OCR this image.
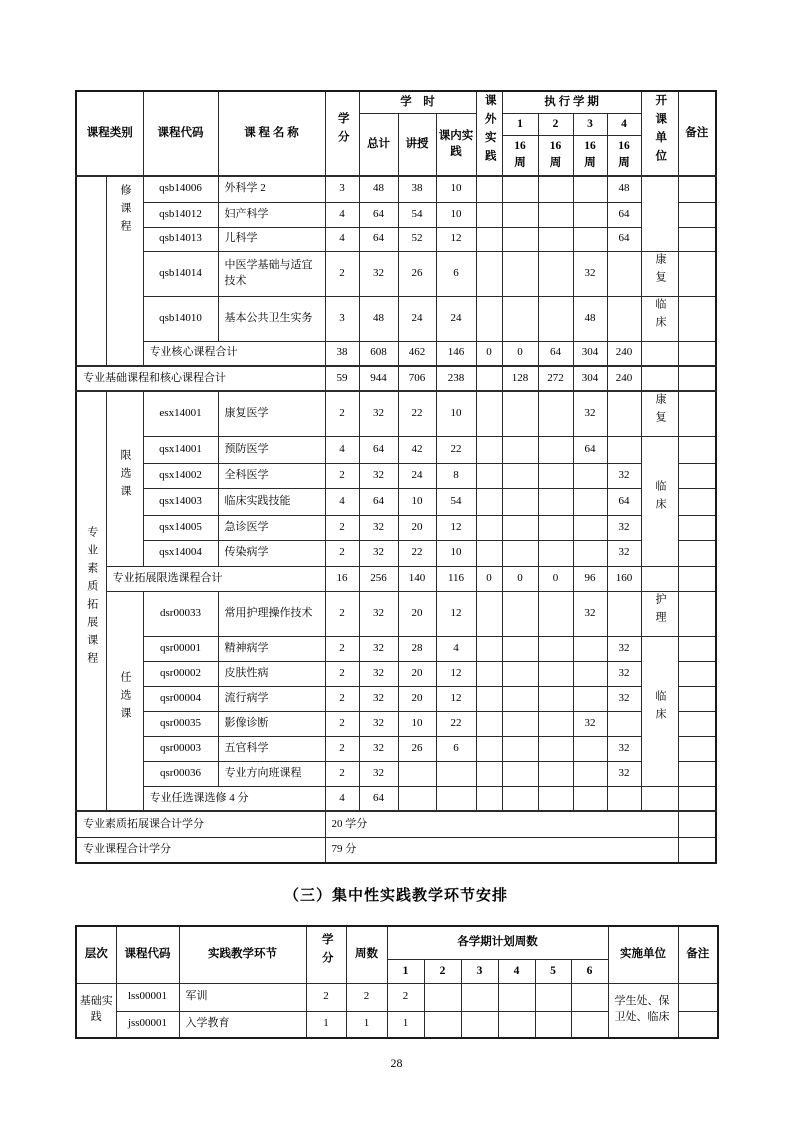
课程类别		课程代码	课 程 名 称	学分	学　时			课外实践	执 行 学 期				开课单位	备注
					总计	讲授	课内实践		1	2	3	4		
									16周	16周	16周	16周		
	修课程	qsb14006	外科学 2	3	48	38	10					48		
		qsb14012	妇产科学	4	64	54	10					64		
		qsb14013	儿科学	4	64	52	12					64		
		qsb14014	中医学基础与适宜技术	2	32	26	6				32		康复	
		qsb14010	基本公共卫生实务	3	48	24	24				48		临床	
		专业核心课程合计		38	608	462	146	0	0	64	304	240		
专业基础课程和核心课程合计				59	944	706	238		128	272	304	240		
专业素质拓展课程	限选课	esx14001	康复医学	2	32	22	10				32		康复	
		qsx14001	预防医学	4	64	42	22				64		临床	
		qsx14002	全科医学	2	32	24	8					32		
		qsx14003	临床实践技能	4	64	10	54					64		
		qsx14005	急诊医学	2	32	20	12					32		
		qsx14004	传染病学	2	32	22	10					32		
	专业拓展限选课程合计			16	256	140	116	0	0	0	96	160		
	任选课	dsr00033	常用护理操作技术	2	32	20	12				32		护理	
		qsr00001	精神病学	2	32	28	4					32	临床	
		qsr00002	皮肤性病	2	32	20	12					32		
		qsr00004	流行病学	2	32	20	12					32		
		qsr00035	影像诊断	2	32	10	22				32			
		qsr00003	五官科学	2	32	26	6					32		
		qsr00036	专业方向班课程	2	32							32		
		专业任选课选修 4 分		4	64									
专业素质拓展课合计学分				20 学分										
专业课程合计学分				79 分										
（三）集中性实践教学环节安排
层次	课程代码	实践教学环节	学分	周数	各学期计划周数						实施单位	备注
					1	2	3	4	5	6		
基础实践	lss00001	军训	2	2	2						学生处、保卫处、临床	
	jss00001	入学教育	1	1	1							
28
